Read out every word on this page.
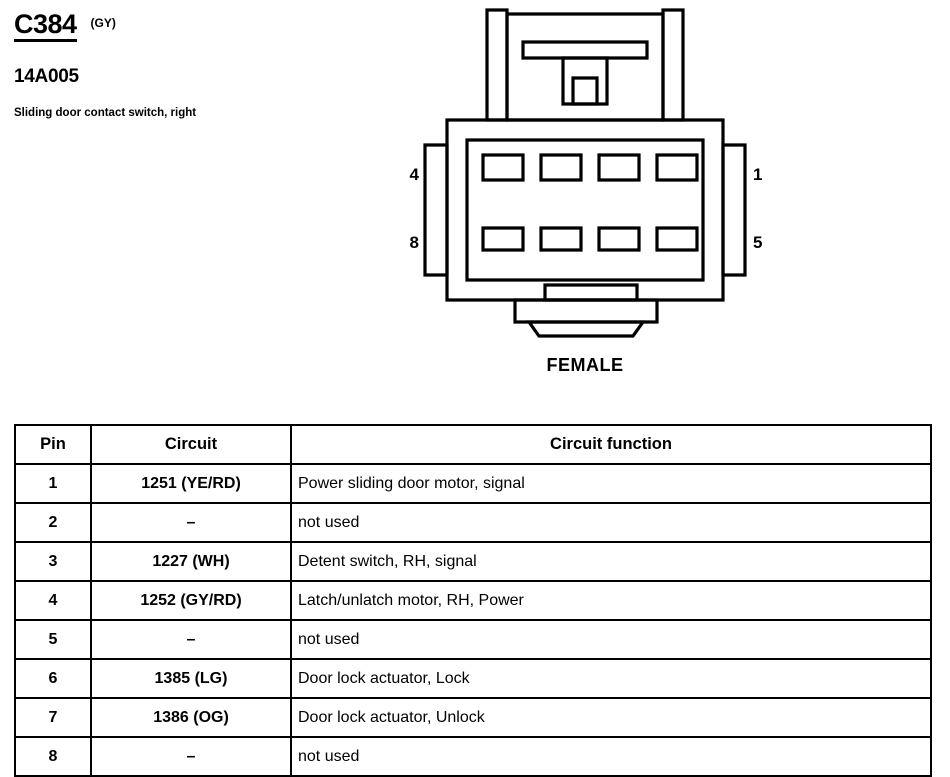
C384 (GY)
14A005
Sliding door contact switch, right
4
8
1
5
FEMALE
Pin	Circuit	Circuit function
1	1251 (YE/RD)	Power sliding door motor, signal
2	–	not used
3	1227 (WH)	Detent switch, RH, signal
4	1252 (GY/RD)	Latch/unlatch motor, RH, Power
5	–	not used
6	1385 (LG)	Door lock actuator, Lock
7	1386 (OG)	Door lock actuator, Unlock
8	–	not used
